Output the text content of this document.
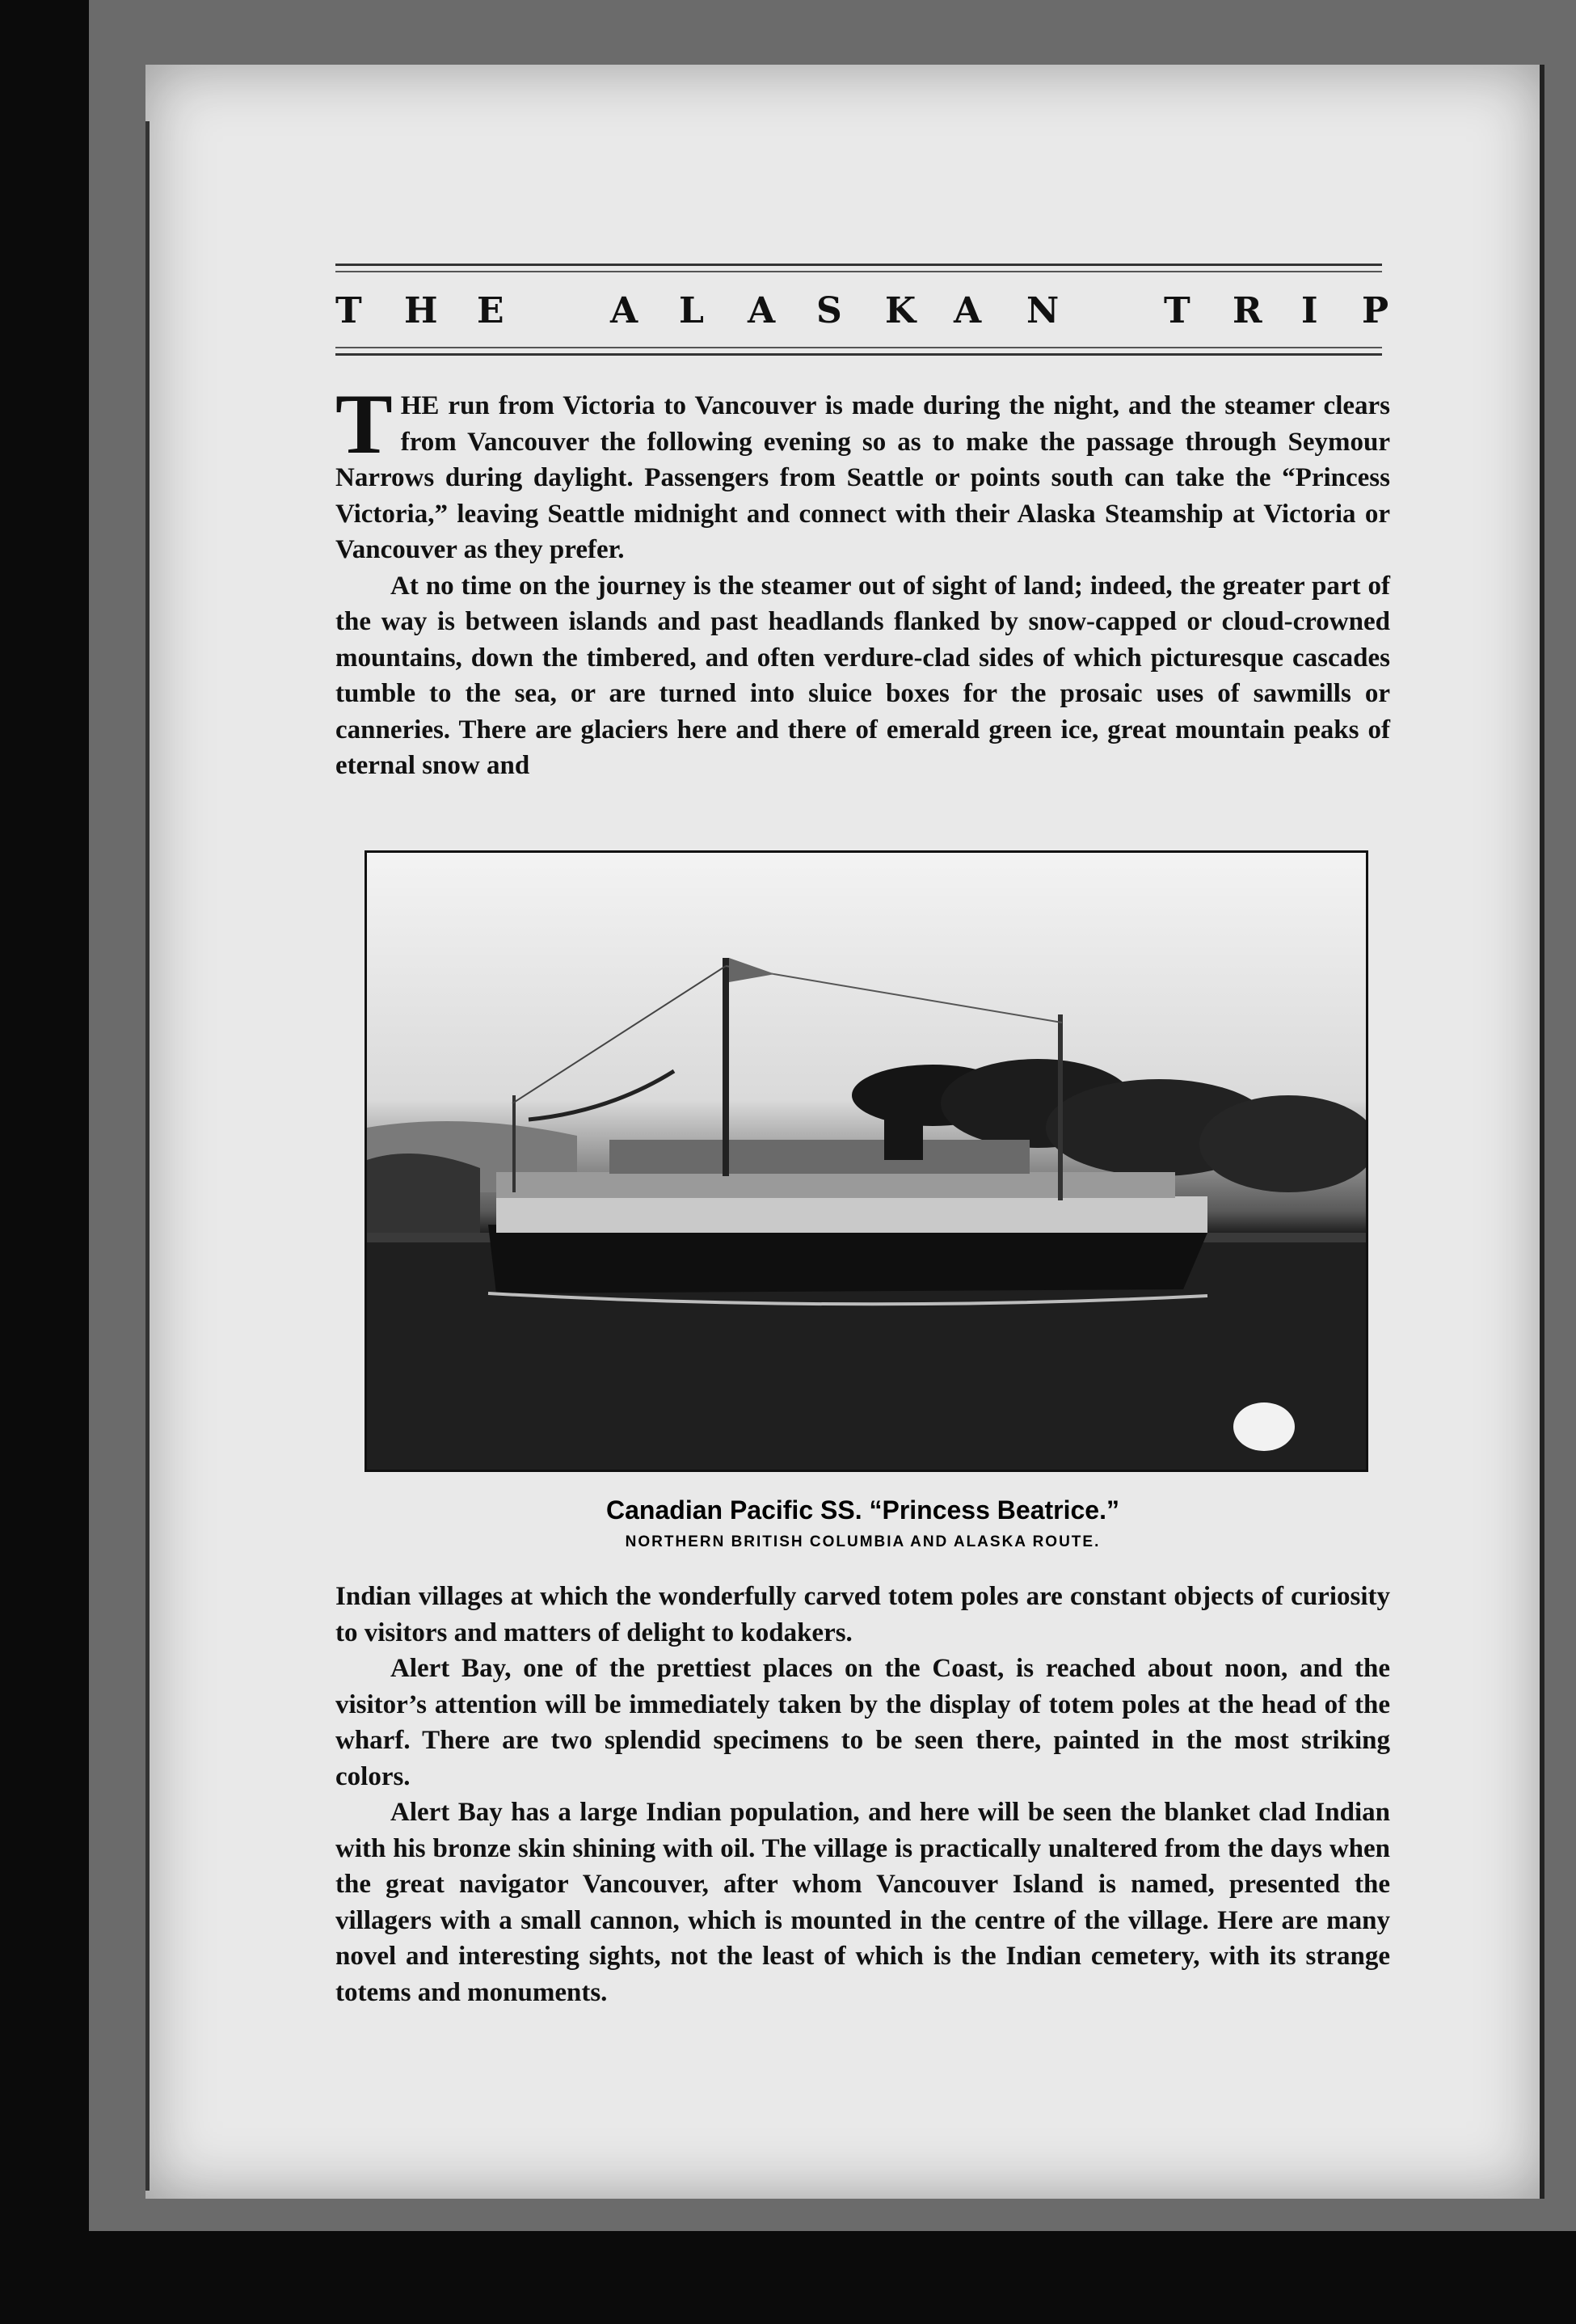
T H E	A L A S K A N	T R I P

THE run from Victoria to Vancouver is made during the night, and the steamer clears from Vancouver the following evening so as to make the passage through Seymour Narrows during daylight. Passengers from Seattle or points south can take the “Princess Victoria,” leaving Seattle midnight and connect with their Alaska Steamship at Victoria or Vancouver as they prefer.

At no time on the journey is the steamer out of sight of land; indeed, the greater part of the way is between islands and past headlands flanked by snow-capped or cloud-crowned mountains, down the timbered, and often verdure-clad sides of which picturesque cascades tumble to the sea, or are turned into sluice boxes for the prosaic uses of sawmills or canneries. There are glaciers here and there of emerald green ice, great mountain peaks of eternal snow and

Canadian Pacific SS. “Princess Beatrice.”

NORTHERN BRITISH COLUMBIA AND ALASKA ROUTE.

Indian villages at which the wonderfully carved totem poles are constant objects of curiosity to visitors and matters of delight to kodakers.

Alert Bay, one of the prettiest places on the Coast, is reached about noon, and the visitor’s attention will be immediately taken by the display of totem poles at the head of the wharf. There are two splendid specimens to be seen there, painted in the most striking colors.

Alert Bay has a large Indian population, and here will be seen the blanket clad Indian with his bronze skin shining with oil. The village is practically unaltered from the days when the great navigator Vancouver, after whom Vancouver Island is named, presented the villagers with a small cannon, which is mounted in the centre of the village. Here are many novel and interesting sights, not the least of which is the Indian cemetery, with its strange totems and monuments.
